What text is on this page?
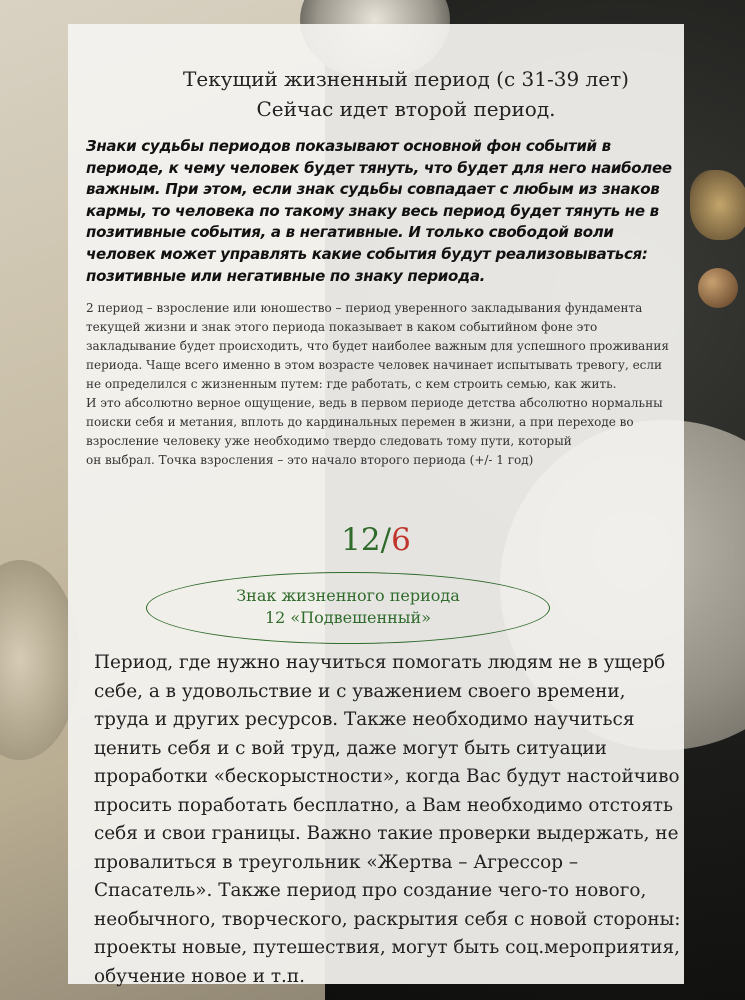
Текущий жизненный период (с 31-39 лет)
Сейчас идет второй период.
Знаки судьбы периодов показывают основной фон событий в периоде, к чему человек будет тянуть, что будет для него наиболее важным. При этом, если знак судьбы совпадает с любым из знаков кармы, то человека по такому знаку весь период будет тянуть не в позитивные события, а в негативные. И только свободой воли человек может управлять какие события будут реализовываться: позитивные или негативные по знаку периода.

2 период – взросление или юношество – период уверенного закладывания фундамента текущей жизни и знак этого периода показывает в каком событийном фоне это закладывание будет происходить, что будет наиболее важным для успешного проживания периода. Чаще всего именно в этом возрасте человек начинает испытывать тревогу, если не определился с жизненным путем: где работать, с кем строить семью, как жить.

И это абсолютно верное ощущение, ведь в первом периоде детства абсолютно нормальны поиски себя и метания, вплоть до кардинальных перемен в жизни, а при переходе во взросление человеку уже необходимо твердо следовать тому пути, который

он выбрал. Точка взросления – это начало второго периода (+/- 1 год)

12/6
Знак жизненного периода
12 «Подвешенный»
Период, где нужно научиться помогать людям не в ущерб себе, а в удовольствие и с уважением своего времени, труда и других ресурсов. Также необходимо научиться ценить себя и с вой труд, даже могут быть ситуации проработки «бескорыстности», когда Вас будут настойчиво просить поработать бесплатно, а Вам необходимо отстоять себя и свои границы. Важно такие проверки выдержать, не провалиться в треугольник «Жертва – Агрессор – Спасатель». Также период про создание чего-то нового, необычного, творческого, раскрытия себя с новой стороны: проекты новые, путешествия, могут быть соц.мероприятия, обучение новое и т.п.
